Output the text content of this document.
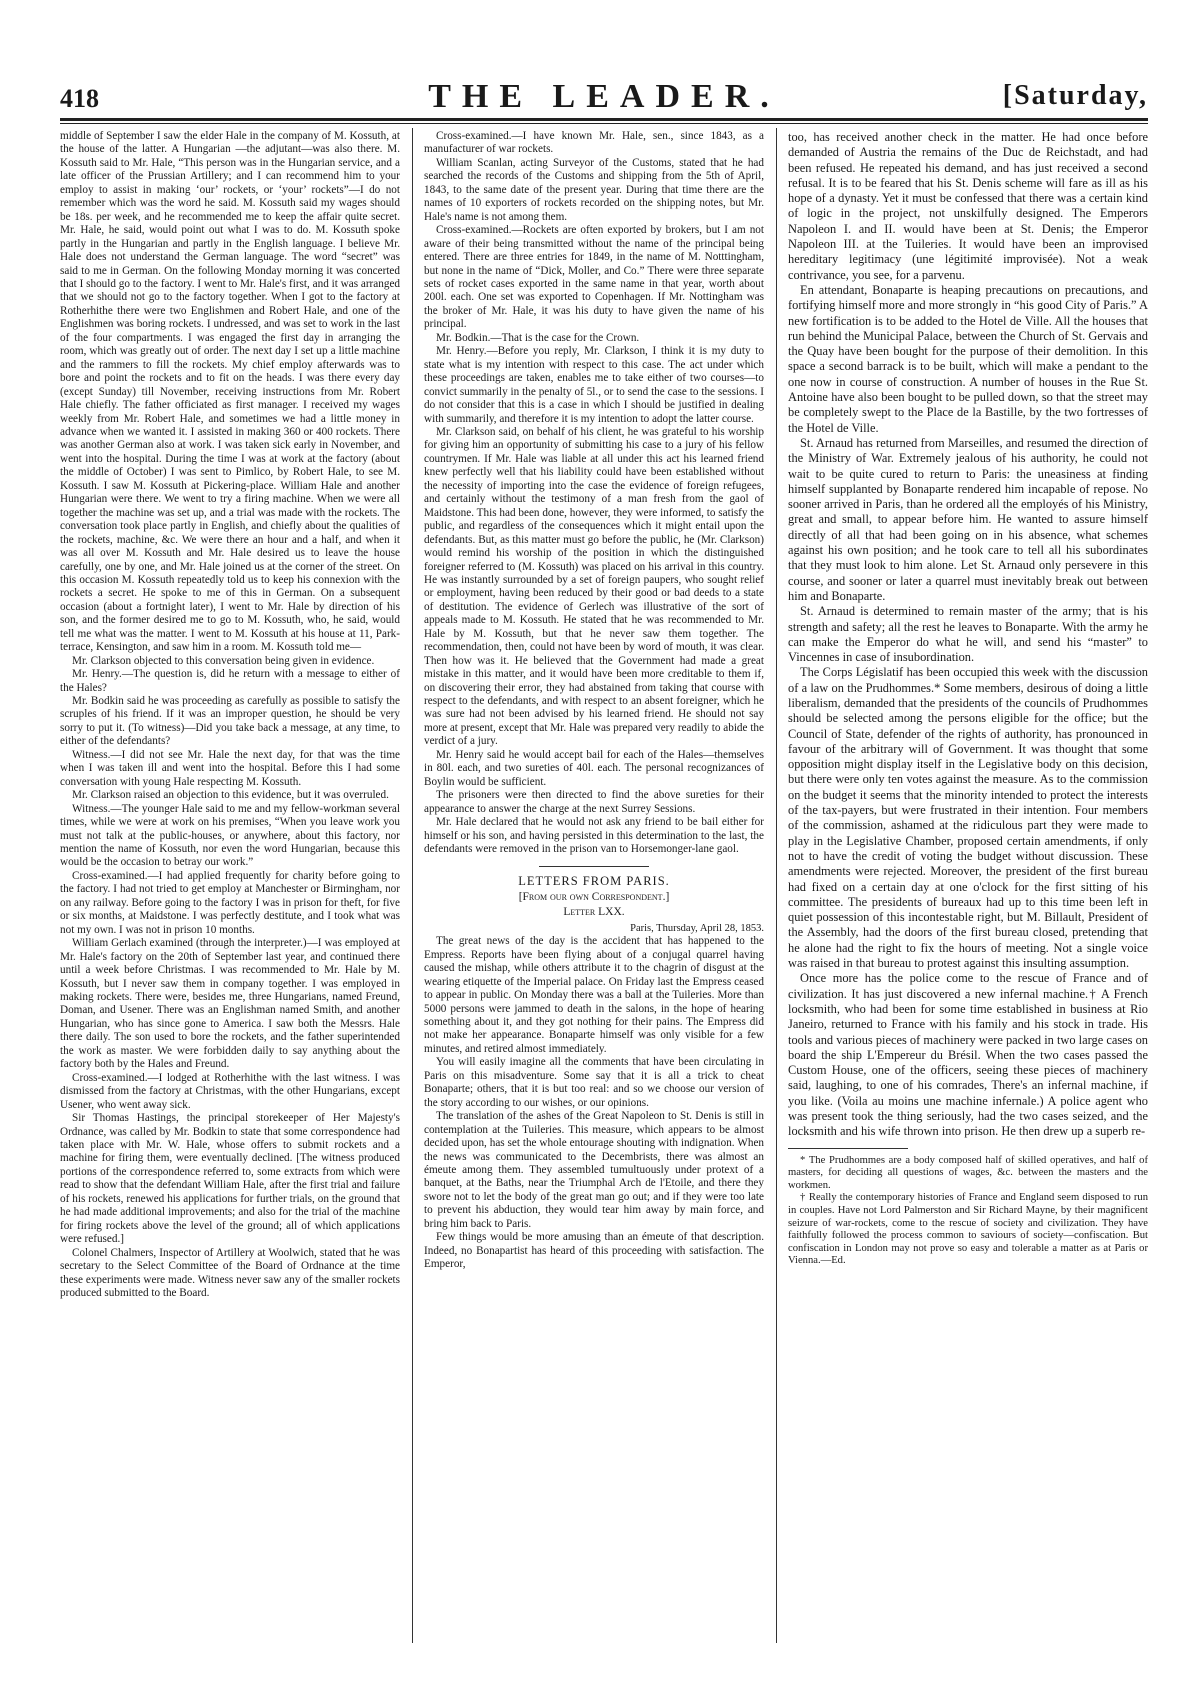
418	THE LEADER.	[Saturday,

middle of September I saw the elder Hale in the company of M. Kossuth, at the house of the latter. A Hungarian —the adjutant—was also there. M. Kossuth said to Mr. Hale, “This person was in the Hungarian service, and a late officer of the Prussian Artillery; and I can recommend him to your employ to assist in making ‘our’ rockets, or ‘your’ rockets”—I do not remember which was the word he said. M. Kossuth said my wages should be 18s. per week, and he recommended me to keep the affair quite secret. Mr. Hale, he said, would point out what I was to do. M. Kossuth spoke partly in the Hungarian and partly in the English language. I believe Mr. Hale does not understand the German language. The word “secret” was said to me in German. On the following Monday morning it was concerted that I should go to the factory. I went to Mr. Hale's first, and it was arranged that we should not go to the factory together. When I got to the factory at Rotherhithe there were two Englishmen and Robert Hale, and one of the Englishmen was boring rockets. I undressed, and was set to work in the last of the four compartments. I was engaged the first day in arranging the room, which was greatly out of order. The next day I set up a little machine and the rammers to fill the rockets. My chief employ afterwards was to bore and point the rockets and to fit on the heads. I was there every day (except Sunday) till November, receiving instructions from Mr. Robert Hale chiefly. The father officiated as first manager. I received my wages weekly from Mr. Robert Hale, and sometimes we had a little money in advance when we wanted it. I assisted in making 360 or 400 rockets. There was another German also at work. I was taken sick early in November, and went into the hospital. During the time I was at work at the factory (about the middle of October) I was sent to Pimlico, by Robert Hale, to see M. Kossuth. I saw M. Kossuth at Pickering-place. William Hale and another Hungarian were there. We went to try a firing machine. When we were all together the machine was set up, and a trial was made with the rockets. The conversation took place partly in English, and chiefly about the qualities of the rockets, machine, &c. We were there an hour and a half, and when it was all over M. Kossuth and Mr. Hale desired us to leave the house carefully, one by one, and Mr. Hale joined us at the corner of the street. On this occasion M. Kossuth repeatedly told us to keep his connexion with the rockets a secret. He spoke to me of this in German. On a subsequent occasion (about a fortnight later), I went to Mr. Hale by direction of his son, and the former desired me to go to M. Kossuth, who, he said, would tell me what was the matter. I went to M. Kossuth at his house at 11, Park-terrace, Kensington, and saw him in a room. M. Kossuth told me—

Mr. Clarkson objected to this conversation being given in evidence.

Mr. Henry.—The question is, did he return with a message to either of the Hales?

Mr. Bodkin said he was proceeding as carefully as possible to satisfy the scruples of his friend. If it was an improper question, he should be very sorry to put it. (To witness)—Did you take back a message, at any time, to either of the defendants?

Witness.—I did not see Mr. Hale the next day, for that was the time when I was taken ill and went into the hospital. Before this I had some conversation with young Hale respecting M. Kossuth.

Mr. Clarkson raised an objection to this evidence, but it was overruled.

Witness.—The younger Hale said to me and my fellow-workman several times, while we were at work on his premises, “When you leave work you must not talk at the public-houses, or anywhere, about this factory, nor mention the name of Kossuth, nor even the word Hungarian, because this would be the occasion to betray our work.”

Cross-examined.—I had applied frequently for charity before going to the factory. I had not tried to get employ at Manchester or Birmingham, nor on any railway. Before going to the factory I was in prison for theft, for five or six months, at Maidstone. I was perfectly destitute, and I took what was not my own. I was not in prison 10 months.

William Gerlach examined (through the interpreter.)—I was employed at Mr. Hale's factory on the 20th of September last year, and continued there until a week before Christmas. I was recommended to Mr. Hale by M. Kossuth, but I never saw them in company together. I was employed in making rockets. There were, besides me, three Hungarians, named Freund, Doman, and Usener. There was an Englishman named Smith, and another Hungarian, who has since gone to America. I saw both the Messrs. Hale there daily. The son used to bore the rockets, and the father superintended the work as master. We were forbidden daily to say anything about the factory both by the Hales and Freund.

Cross-examined.—I lodged at Rotherhithe with the last witness. I was dismissed from the factory at Christmas, with the other Hungarians, except Usener, who went away sick.

Sir Thomas Hastings, the principal storekeeper of Her Majesty's Ordnance, was called by Mr. Bodkin to state that some correspondence had taken place with Mr. W. Hale, whose offers to submit rockets and a machine for firing them, were eventually declined. [The witness produced portions of the correspondence referred to, some extracts from which were read to show that the defendant William Hale, after the first trial and failure of his rockets, renewed his applications for further trials, on the ground that he had made additional improvements; and also for the trial of the machine for firing rockets above the level of the ground; all of which applications were refused.]

Colonel Chalmers, Inspector of Artillery at Woolwich, stated that he was secretary to the Select Committee of the Board of Ordnance at the time these experiments were made. Witness never saw any of the smaller rockets produced submitted to the Board.

Cross-examined.—I have known Mr. Hale, sen., since 1843, as a manufacturer of war rockets.

William Scanlan, acting Surveyor of the Customs, stated that he had searched the records of the Customs and shipping from the 5th of April, 1843, to the same date of the present year. During that time there are the names of 10 exporters of rockets recorded on the shipping notes, but Mr. Hale's name is not among them.

Cross-examined.—Rockets are often exported by brokers, but I am not aware of their being transmitted without the name of the principal being entered. There are three entries for 1849, in the name of M. Notttingham, but none in the name of “Dick, Moller, and Co.” There were three separate sets of rocket cases exported in the same name in that year, worth about 200l. each. One set was exported to Copenhagen. If Mr. Nottingham was the broker of Mr. Hale, it was his duty to have given the name of his principal.

Mr. Bodkin.—That is the case for the Crown.

Mr. Henry.—Before you reply, Mr. Clarkson, I think it is my duty to state what is my intention with respect to this case. The act under which these proceedings are taken, enables me to take either of two courses—to convict summarily in the penalty of 5l., or to send the case to the sessions. I do not consider that this is a case in which I should be justified in dealing with summarily, and therefore it is my intention to adopt the latter course.

Mr. Clarkson said, on behalf of his client, he was grateful to his worship for giving him an opportunity of submitting his case to a jury of his fellow countrymen. If Mr. Hale was liable at all under this act his learned friend knew perfectly well that his liability could have been established without the necessity of importing into the case the evidence of foreign refugees, and certainly without the testimony of a man fresh from the gaol of Maidstone. This had been done, however, they were informed, to satisfy the public, and regardless of the consequences which it might entail upon the defendants. But, as this matter must go before the public, he (Mr. Clarkson) would remind his worship of the position in which the distinguished foreigner referred to (M. Kossuth) was placed on his arrival in this country. He was instantly surrounded by a set of foreign paupers, who sought relief or employment, having been reduced by their good or bad deeds to a state of destitution. The evidence of Gerlech was illustrative of the sort of appeals made to M. Kossuth. He stated that he was recommended to Mr. Hale by M. Kossuth, but that he never saw them together. The recommendation, then, could not have been by word of mouth, it was clear. Then how was it. He believed that the Government had made a great mistake in this matter, and it would have been more creditable to them if, on discovering their error, they had abstained from taking that course with respect to the defendants, and with respect to an absent foreigner, which he was sure had not been advised by his learned friend. He should not say more at present, except that Mr. Hale was prepared very readily to abide the verdict of a jury.

Mr. Henry said he would accept bail for each of the Hales—themselves in 80l. each, and two sureties of 40l. each. The personal recognizances of Boylin would be sufficient.

The prisoners were then directed to find the above sureties for their appearance to answer the charge at the next Surrey Sessions.

Mr. Hale declared that he would not ask any friend to be bail either for himself or his son, and having persisted in this determination to the last, the defendants were removed in the prison van to Horsemonger-lane gaol.

LETTERS FROM PARIS.

[From our own Correspondent.]

Letter LXX.

Paris, Thursday, April 28, 1853.

The great news of the day is the accident that has happened to the Empress. Reports have been flying about of a conjugal quarrel having caused the mishap, while others attribute it to the chagrin of disgust at the wearing etiquette of the Imperial palace. On Friday last the Empress ceased to appear in public. On Monday there was a ball at the Tuileries. More than 5000 persons were jammed to death in the salons, in the hope of hearing something about it, and they got nothing for their pains. The Empress did not make her appearance. Bonaparte himself was only visible for a few minutes, and retired almost immediately.

You will easily imagine all the comments that have been circulating in Paris on this misadventure. Some say that it is all a trick to cheat Bonaparte; others, that it is but too real: and so we choose our version of the story according to our wishes, or our opinions.

The translation of the ashes of the Great Napoleon to St. Denis is still in contemplation at the Tuileries. This measure, which appears to be almost decided upon, has set the whole entourage shouting with indignation. When the news was communicated to the Decembrists, there was almost an émeute among them. They assembled tumultuously under protext of a banquet, at the Baths, near the Triumphal Arch de l'Etoile, and there they swore not to let the body of the great man go out; and if they were too late to prevent his abduction, they would tear him away by main force, and bring him back to Paris.

Few things would be more amusing than an émeute of that description. Indeed, no Bonapartist has heard of this proceeding with satisfaction. The Emperor,

too, has received another check in the matter. He had once before demanded of Austria the remains of the Duc de Reichstadt, and had been refused. He repeated his demand, and has just received a second refusal. It is to be feared that his St. Denis scheme will fare as ill as his hope of a dynasty. Yet it must be confessed that there was a certain kind of logic in the project, not unskilfully designed. The Emperors Napoleon I. and II. would have been at St. Denis; the Emperor Napoleon III. at the Tuileries. It would have been an improvised hereditary legitimacy (une légitimité improvisée). Not a weak contrivance, you see, for a parvenu.

En attendant, Bonaparte is heaping precautions on precautions, and fortifying himself more and more strongly in “his good City of Paris.” A new fortification is to be added to the Hotel de Ville. All the houses that run behind the Municipal Palace, between the Church of St. Gervais and the Quay have been bought for the purpose of their demolition. In this space a second barrack is to be built, which will make a pendant to the one now in course of construction. A number of houses in the Rue St. Antoine have also been bought to be pulled down, so that the street may be completely swept to the Place de la Bastille, by the two fortresses of the Hotel de Ville.

St. Arnaud has returned from Marseilles, and resumed the direction of the Ministry of War. Extremely jealous of his authority, he could not wait to be quite cured to return to Paris: the uneasiness at finding himself supplanted by Bonaparte rendered him incapable of repose. No sooner arrived in Paris, than he ordered all the employés of his Ministry, great and small, to appear before him. He wanted to assure himself directly of all that had been going on in his absence, what schemes against his own position; and he took care to tell all his subordinates that they must look to him alone. Let St. Arnaud only persevere in this course, and sooner or later a quarrel must inevitably break out between him and Bonaparte.

St. Arnaud is determined to remain master of the army; that is his strength and safety; all the rest he leaves to Bonaparte. With the army he can make the Emperor do what he will, and send his “master” to Vincennes in case of insubordination.

The Corps Législatif has been occupied this week with the discussion of a law on the Prudhommes.* Some members, desirous of doing a little liberalism, demanded that the presidents of the councils of Prudhommes should be selected among the persons eligible for the office; but the Council of State, defender of the rights of authority, has pronounced in favour of the arbitrary will of Government. It was thought that some opposition might display itself in the Legislative body on this decision, but there were only ten votes against the measure. As to the commission on the budget it seems that the minority intended to protect the interests of the tax-payers, but were frustrated in their intention. Four members of the commission, ashamed at the ridiculous part they were made to play in the Legislative Chamber, proposed certain amendments, if only not to have the credit of voting the budget without discussion. These amendments were rejected. Moreover, the president of the first bureau had fixed on a certain day at one o'clock for the first sitting of his committee. The presidents of bureaux had up to this time been left in quiet possession of this incontestable right, but M. Billault, President of the Assembly, had the doors of the first bureau closed, pretending that he alone had the right to fix the hours of meeting. Not a single voice was raised in that bureau to protest against this insulting assumption.

Once more has the police come to the rescue of France and of civilization. It has just discovered a new infernal machine.† A French locksmith, who had been for some time established in business at Rio Janeiro, returned to France with his family and his stock in trade. His tools and various pieces of machinery were packed in two large cases on board the ship L'Empereur du Brésil. When the two cases passed the Custom House, one of the officers, seeing these pieces of machinery said, laughing, to one of his comrades, There's an infernal machine, if you like. (Voila au moins une machine infernale.) A police agent who was present took the thing seriously, had the two cases seized, and the locksmith and his wife thrown into prison. He then drew up a superb re-

* The Prudhommes are a body composed half of skilled operatives, and half of masters, for deciding all questions of wages, &c. between the masters and the workmen.

† Really the contemporary histories of France and England seem disposed to run in couples. Have not Lord Palmerston and Sir Richard Mayne, by their magnificent seizure of war-rockets, come to the rescue of society and civilization. They have faithfully followed the process common to saviours of society—confiscation. But confiscation in London may not prove so easy and tolerable a matter as at Paris or Vienna.—Ed.
